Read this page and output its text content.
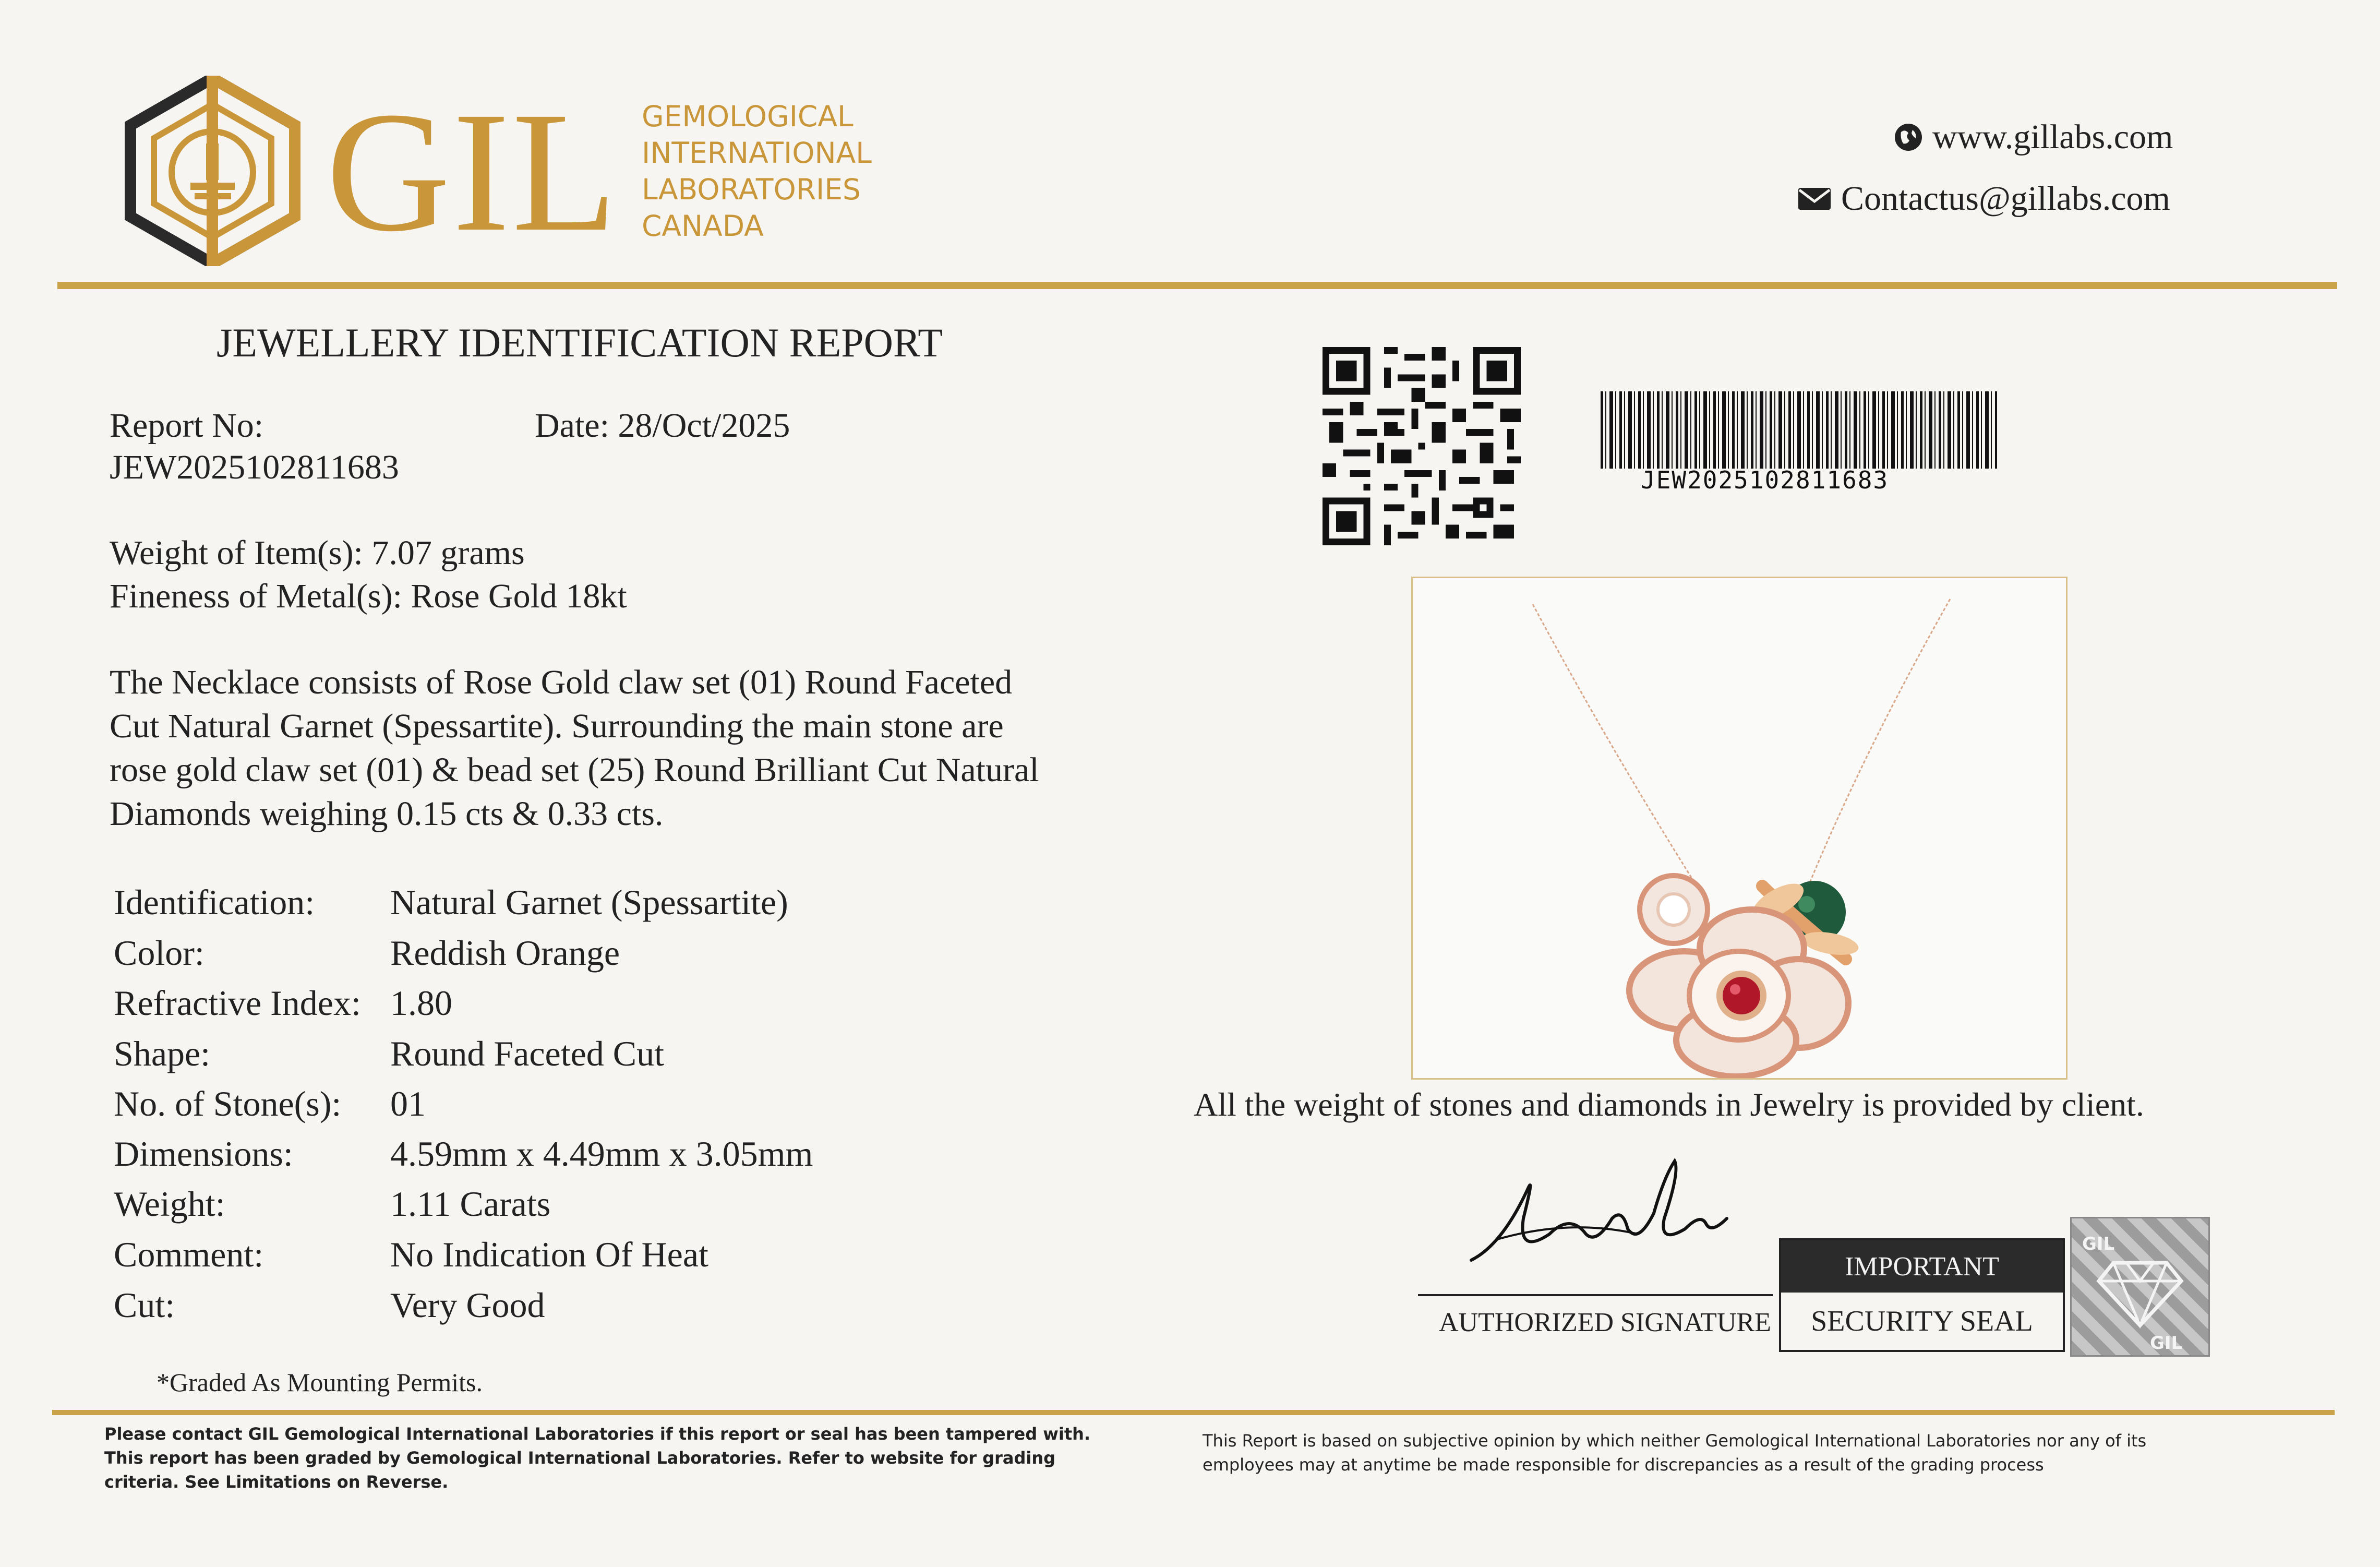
GIL GEMOLOGICAL
INTERNATIONAL
LABORATORIES
CANADA
www.gillabs.com
Contactus@gillabs.com
JEWELLERY IDENTIFICATION REPORT
Report No:
JEW2025102811683
Date: 28/Oct/2025
Weight of Item(s): 7.07 grams
Fineness of Metal(s): Rose Gold 18kt
The Necklace consists of Rose Gold claw set (01) Round Faceted
Cut Natural Garnet (Spessartite). Surrounding the main stone are
rose gold claw set (01) & bead set (25) Round Brilliant Cut Natural
Diamonds weighing 0.15 cts & 0.33 cts.
Identification: Natural Garnet (Spessartite)
Color:	Reddish Orange
Refractive Index: 1.80
Shape:	Round Faceted Cut
No. of Stone(s): 01
Dimensions:	4.59mm x 4.49mm x 3.05mm
Weight:	1.11 Carats
Comment:	No Indication Of Heat
Cut:	Very Good
*Graded As Mounting Permits.
JEW2025102811683
All the weight of stones and diamonds in Jewelry is provided by client.
AUTHORIZED SIGNATURE
IMPORTANT
SECURITY SEAL
GIL
GIL
Please contact GIL Gemological International Laboratories if this report or seal has been tampered with.
This report has been graded by Gemological International Laboratories. Refer to website for grading
criteria. See Limitations on Reverse.
This Report is based on subjective opinion by which neither Gemological International Laboratories nor any of its
employees may at anytime be made responsible for discrepancies as a result of the grading process
